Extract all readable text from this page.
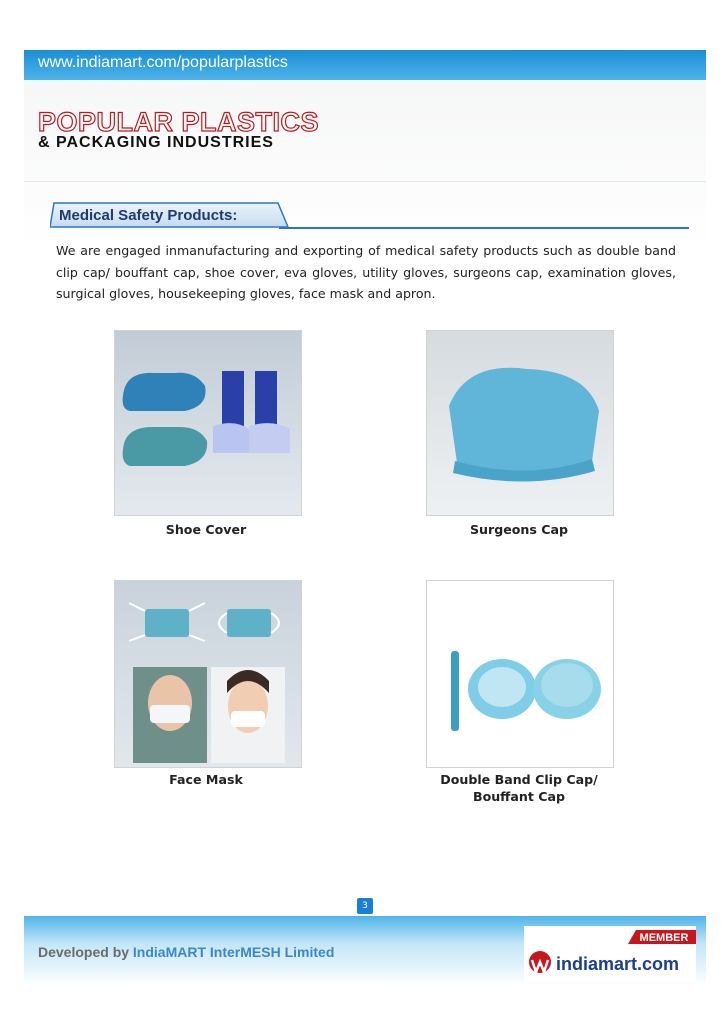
www.indiamart.com/popularplastics
POPULAR PLASTICS
& PACKAGING INDUSTRIES
Medical Safety Products:
We are engaged inmanufacturing and exporting of medical safety products such as double band clip cap/ bouffant cap, shoe cover, eva gloves, utility gloves, surgeons cap, examination gloves, surgical gloves, housekeeping gloves, face mask and apron.
Shoe Cover	Surgeons Cap
Face Mask	Double Band Clip Cap/
Bouffant Cap
3
Developed by IndiaMART InterMESH Limited
MEMBER
indiamart.com
